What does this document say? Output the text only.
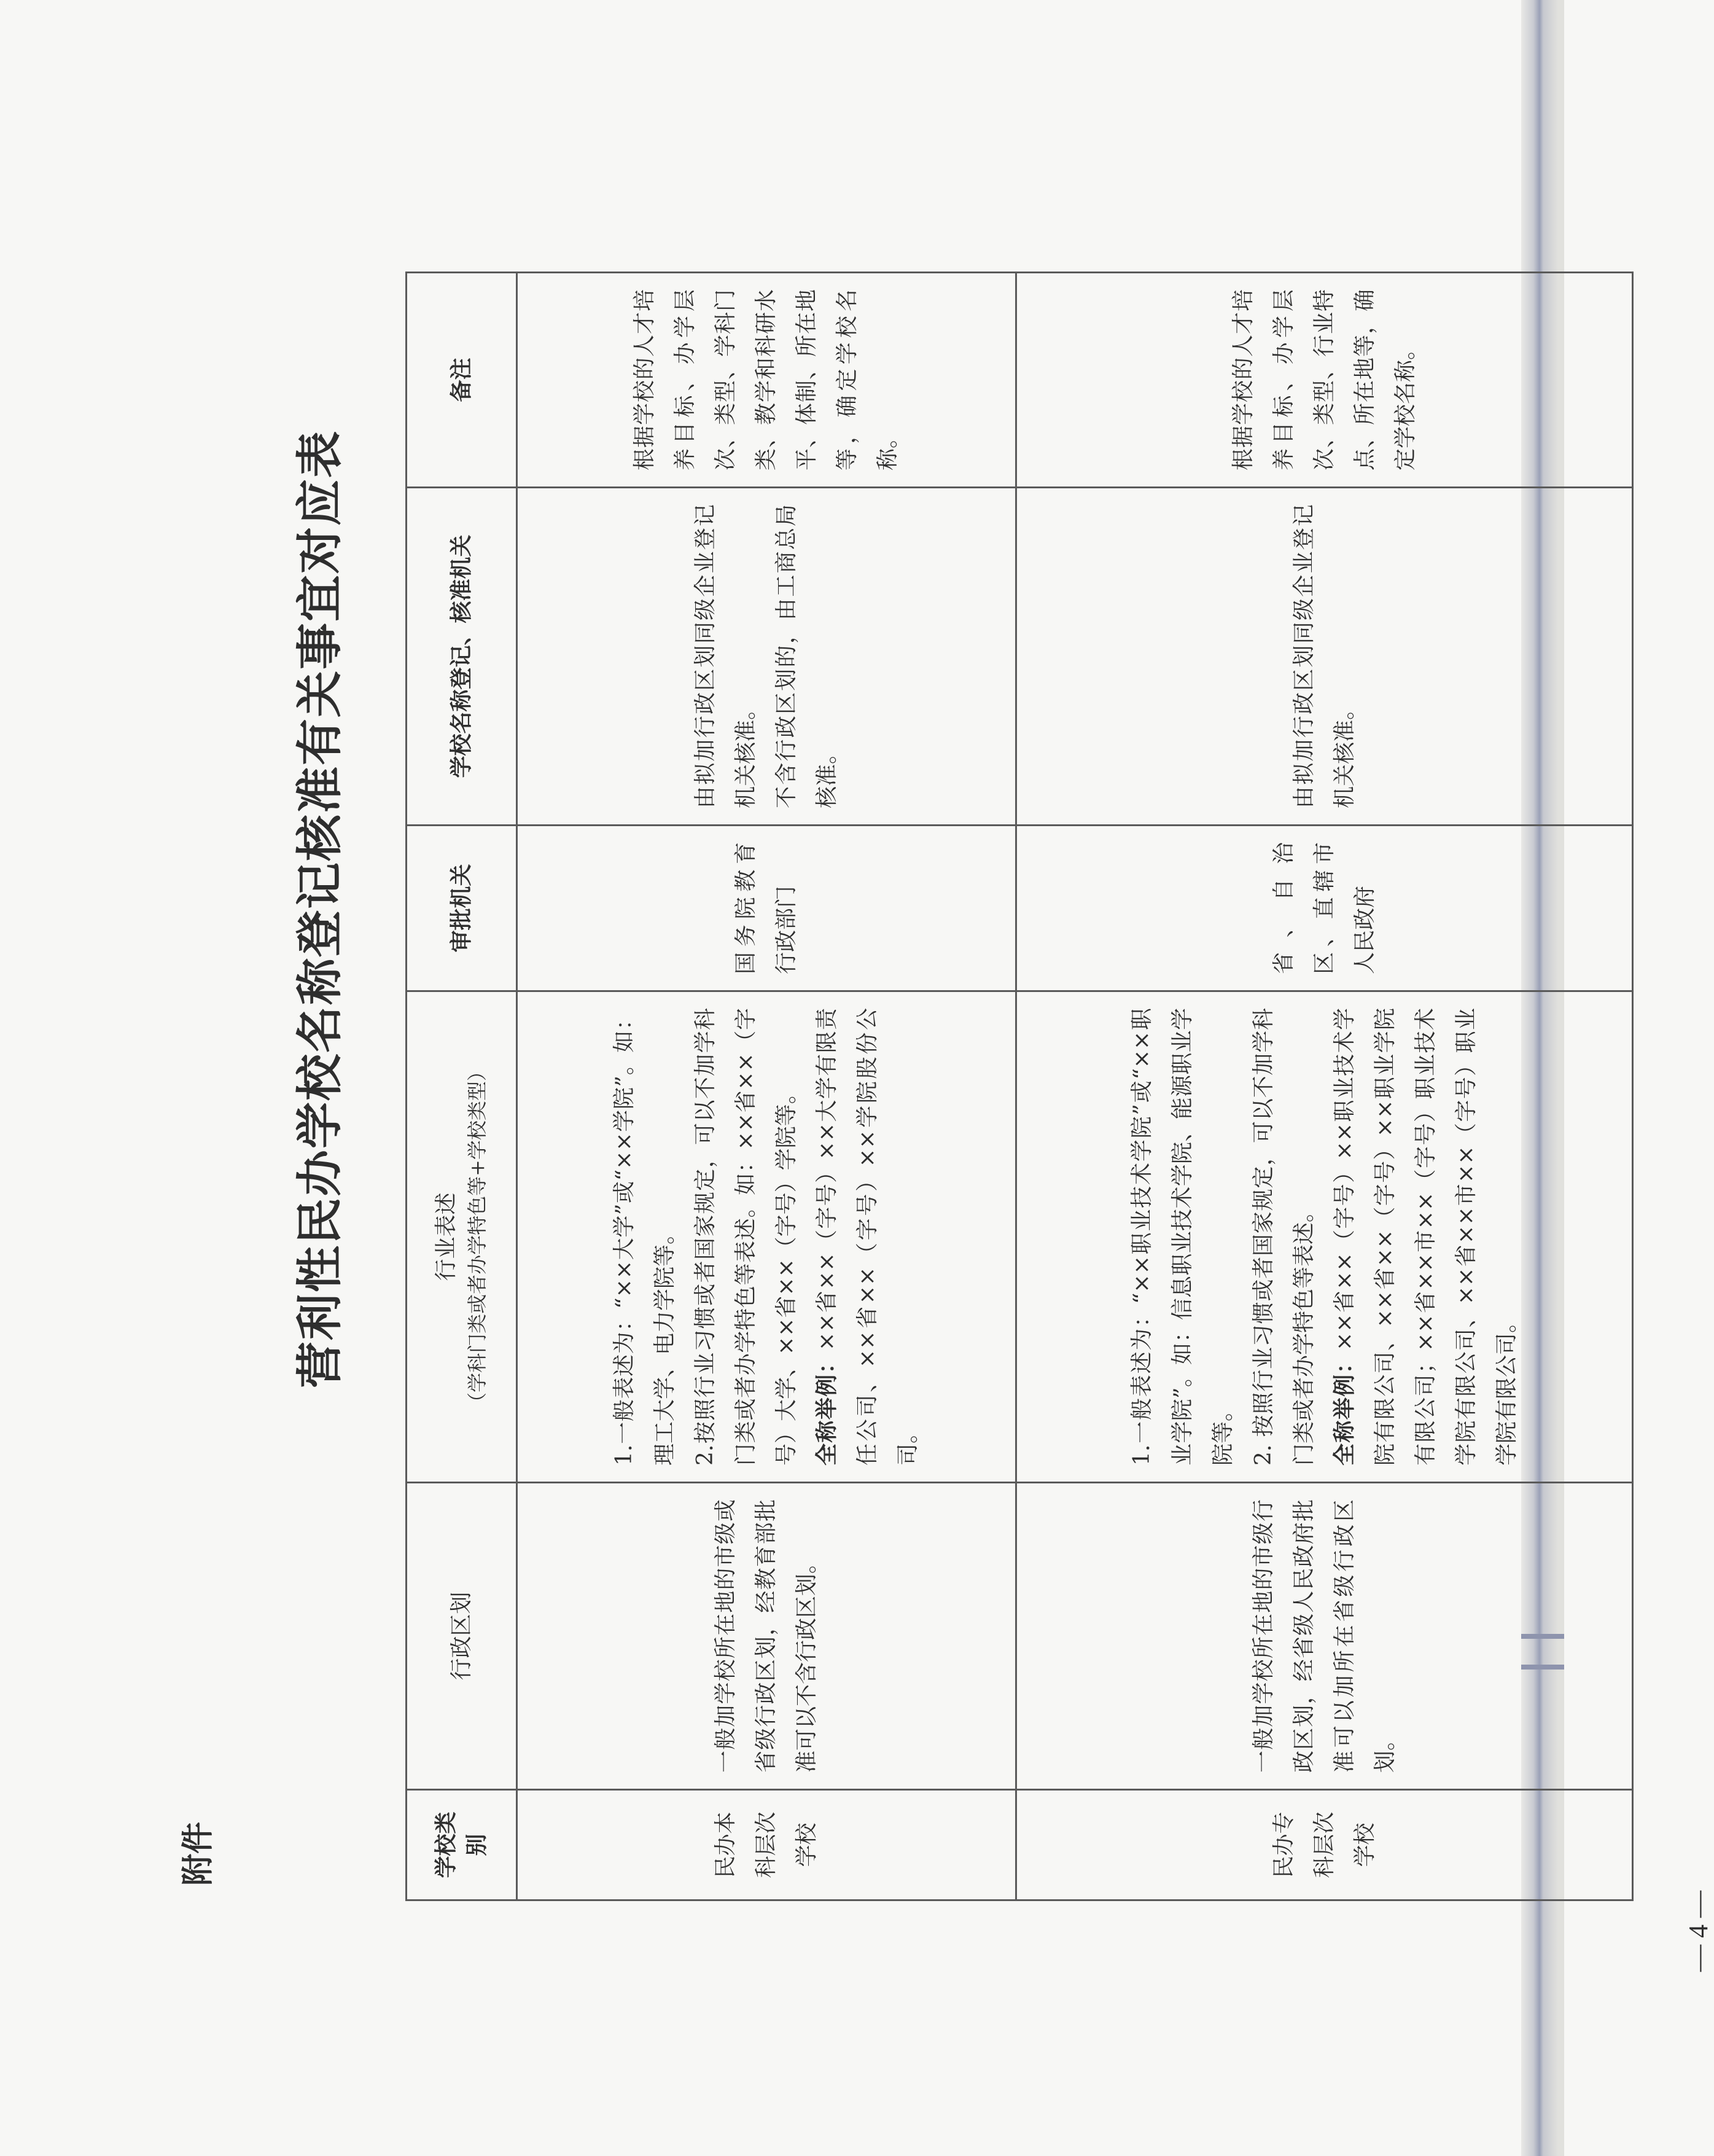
附件
营利性民办学校名称登记核准有关事宜对应表
学校类别	行政区划	行业表述 （学科门类或者办学特色等+学校类型）	审批机关	学校名称登记、核准机关	备注
民办本科层次学校	一般加学校所在地的市级或省级行政区划，经教育部批准可以不含行政区划。	1.一般表述为：“××大学”或“××学院”。如：理工大学、电力学院等。 2.按照行业习惯或者国家规定，可以不加学科门类或者办学特色等表述。如：××省××（字号）大学、××省××（字号）学院等。 全称举例：××省××（字号）××大学有限责任公司、××省××（字号）××学院股份公司。	国务院教育行政部门	由拟加行政区划同级企业登记机关核准。 不含行政区划的，由工商总局核准。	根据学校的人才培养目标、办学层次、类型、学科门类、教学和科研水平、体制、所在地等，确定学校名称。
民办专科层次学校	一般加学校所在地的市级行政区划，经省级人民政府批准可以加所在省级行政区划。	1.一般表述为：“××职业技术学院”或“××职业学院”。如：信息职业技术学院、能源职业学院等。 2. 按照行业习惯或者国家规定，可以不加学科门类或者办学特色等表述。 全称举例：××省××（字号）××职业技术学院有限公司、××省××（字号）××职业学院有限公司；××省××市××（字号）职业技术学院有限公司、××省××市××（字号）职业学院有限公司。	省、自治区、直辖市人民政府	由拟加行政区划同级企业登记机关核准。	根据学校的人才培养目标、办学层次、类型、行业特点、所在地等，确定学校名称。
— 4 —
